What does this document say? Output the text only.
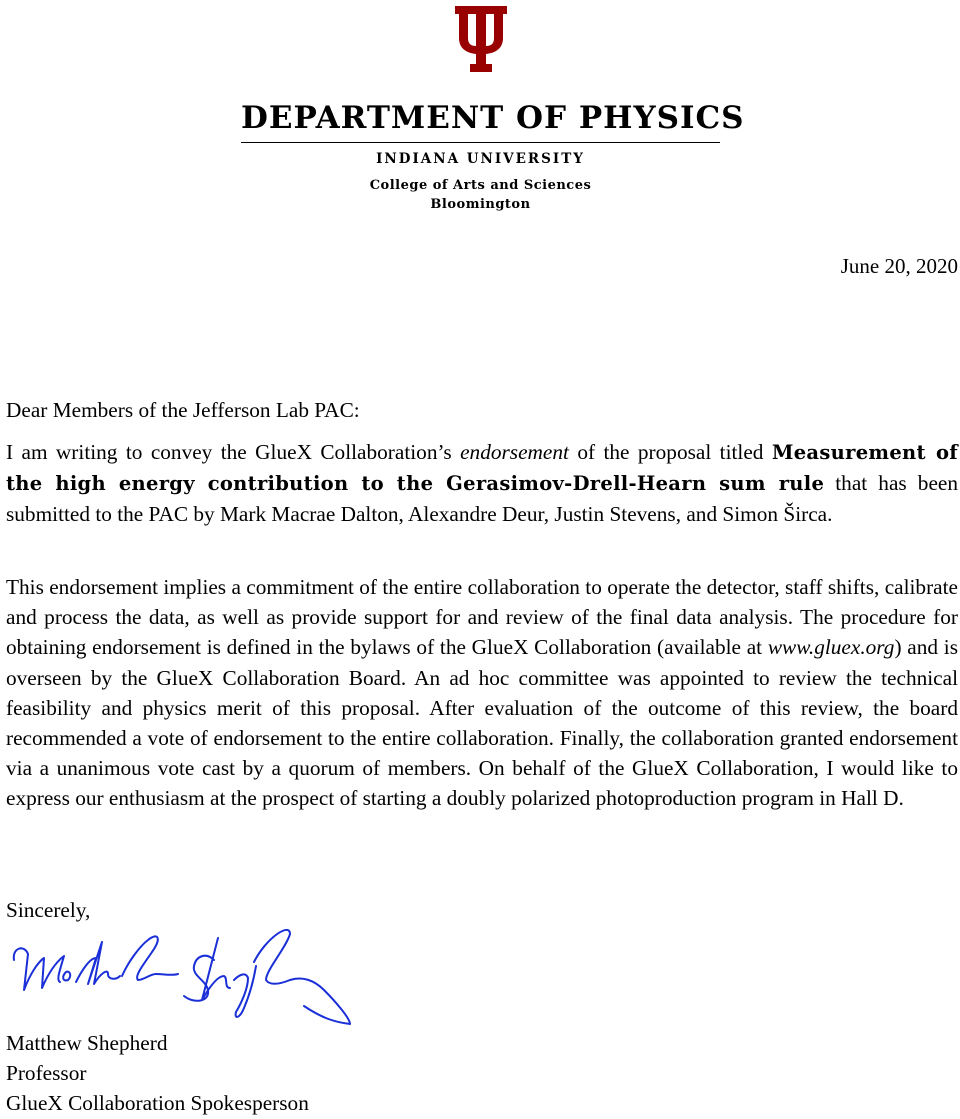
DEPARTMENT OF PHYSICS
INDIANA UNIVERSITY
College of Arts and Sciences
Bloomington
June 20, 2020
Dear Members of the Jefferson Lab PAC:
I am writing to convey the GlueX Collaboration’s endorsement of the proposal titled Measurement of the high energy contribution to the Gerasimov-Drell-Hearn sum rule that has been submitted to the PAC by Mark Macrae Dalton, Alexandre Deur, Justin Stevens, and Simon Širca.
This endorsement implies a commitment of the entire collaboration to operate the detector, staff shifts, calibrate and process the data, as well as provide support for and review of the final data analysis. The procedure for obtaining endorsement is defined in the bylaws of the GlueX Collaboration (available at www.gluex.org) and is overseen by the GlueX Collaboration Board. An ad hoc committee was appointed to review the technical feasibility and physics merit of this proposal. After evaluation of the outcome of this review, the board recommended a vote of endorsement to the entire collaboration. Finally, the collaboration granted endorsement via a unanimous vote cast by a quorum of members. On behalf of the GlueX Collaboration, I would like to express our enthusiasm at the prospect of starting a doubly polarized photoproduction program in Hall D.
Sincerely,
Matthew Shepherd
Professor
GlueX Collaboration Spokesperson
